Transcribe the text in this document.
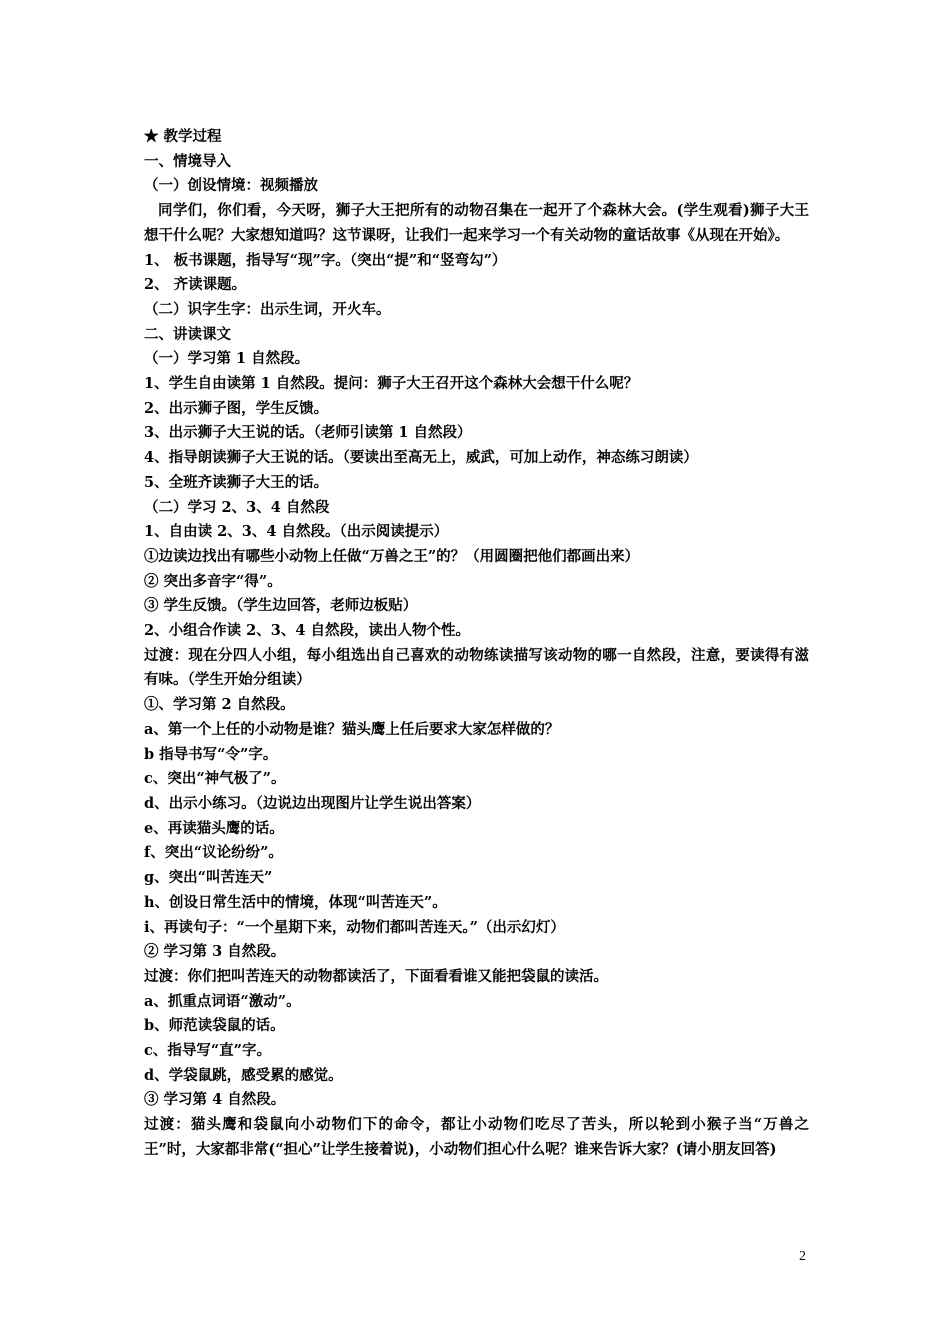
★ 教学过程
一、情境导入
（一）创设情境：视频播放
同学们，你们看，今天呀，狮子大王把所有的动物召集在一起开了个森林大会。(学生观看)狮子大王想干什么呢？大家想知道吗？这节课呀，让我们一起来学习一个有关动物的童话故事《从现在开始》。
1、 板书课题，指导写“现”字。（突出“提”和“竖弯勾”）
2、 齐读课题。
（二）识字生字：出示生词，开火车。
二、讲读课文
（一）学习第 1 自然段。
1、学生自由读第 1 自然段。提问：狮子大王召开这个森林大会想干什么呢？
2、出示狮子图，学生反馈。
3、出示狮子大王说的话。（老师引读第 1 自然段）
4、指导朗读狮子大王说的话。（要读出至高无上，威武，可加上动作，神态练习朗读）
5、全班齐读狮子大王的话。
（二）学习 2、3、4 自然段
1、自由读 2、3、4 自然段。（出示阅读提示）
①边读边找出有哪些小动物上任做“万兽之王”的？（用圆圈把他们都画出来）
② 突出多音字“得”。
③ 学生反馈。（学生边回答，老师边板贴）
2、小组合作读 2、3、4 自然段，读出人物个性。
过渡：现在分四人小组，每小组选出自己喜欢的动物练读描写该动物的哪一自然段，注意，要读得有滋有味。（学生开始分组读）
①、学习第 2 自然段。
a、第一个上任的小动物是谁？猫头鹰上任后要求大家怎样做的？
b 指导书写“令”字。
c、突出“神气极了”。
d、出示小练习。（边说边出现图片让学生说出答案）
e、再读猫头鹰的话。
f、突出“议论纷纷”。
g、突出“叫苦连天”
h、创设日常生活中的情境，体现“叫苦连天”。
i、再读句子：“一个星期下来，动物们都叫苦连天。”（出示幻灯）
② 学习第 3 自然段。
过渡：你们把叫苦连天的动物都读活了，下面看看谁又能把袋鼠的读活。
a、抓重点词语“激动”。
b、师范读袋鼠的话。
c、指导写“直”字。
d、学袋鼠跳，感受累的感觉。
③ 学习第 4 自然段。
过渡：猫头鹰和袋鼠向小动物们下的命令，都让小动物们吃尽了苦头，所以轮到小猴子当“万兽之王”时，大家都非常(“担心”让学生接着说)，小动物们担心什么呢？谁来告诉大家？(请小朋友回答)
2
